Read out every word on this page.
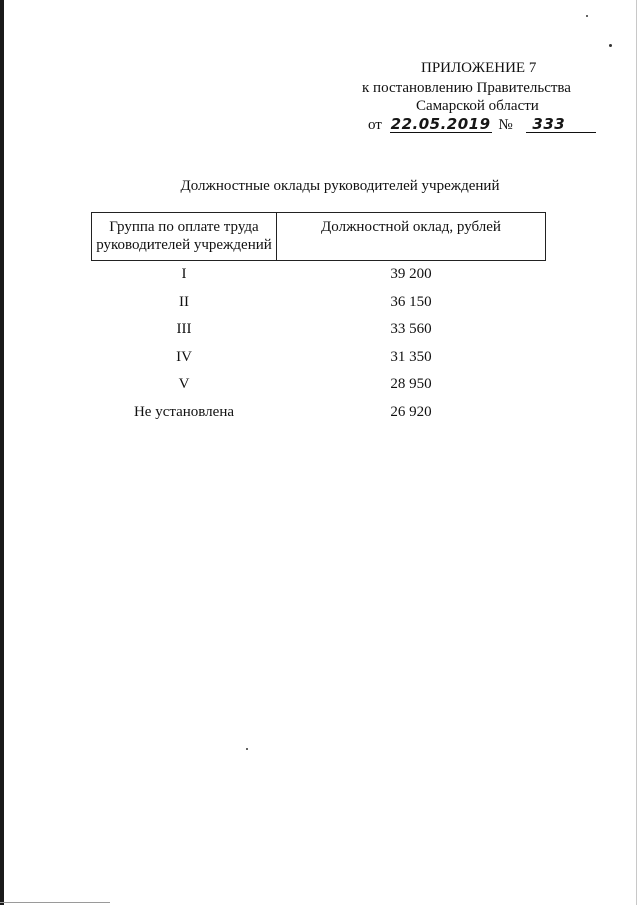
ПРИЛОЖЕНИЕ 7
к постановлению Правительства
Самарской области
от 22.05.2019 № 333
Должностные оклады руководителей учреждений
Группа по оплате труда руководителей учреждений	Должностной оклад, рублей
I	39 200
II	36 150
III	33 560
IV	31 350
V	28 950
Не установлена	26 920
